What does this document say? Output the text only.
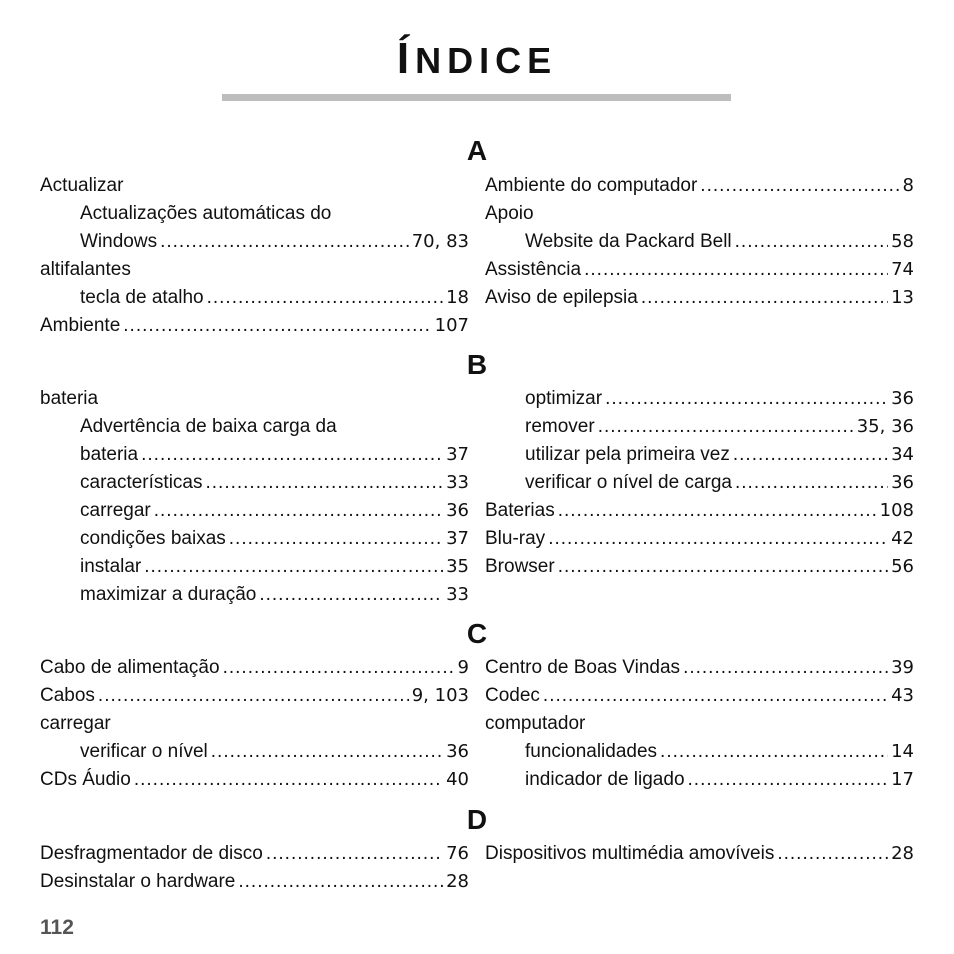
ÍNDICE
A
Actualizar
Actualizações automáticas do
Windows .....	70, 83
altifalantes
tecla de atalho .....	18
Ambiente .....	107
Ambiente do computador .....	8
Apoio
Website da Packard Bell .....	58
Assistência .....	74
Aviso de epilepsia .....	13
B
bateria
Advertência de baixa carga da
bateria .....	37
características .....	33
carregar .....	36
condições baixas .....	37
instalar .....	35
maximizar a duração .....	33
optimizar .....	36
remover .....	35, 36
utilizar pela primeira vez .....	34
verificar o nível de carga .....	36
Baterias .....	108
Blu-ray .....	42
Browser .....	56
C
Cabo de alimentação .....	9
Cabos .....	9, 103
carregar
verificar o nível .....	36
CDs Áudio .....	40
Centro de Boas Vindas .....	39
Codec .....	43
computador
funcionalidades .....	14
indicador de ligado .....	17
D
Desfragmentador de disco .....	76
Desinstalar o hardware .....	28
Dispositivos multimédia amovíveis .....	28
112
